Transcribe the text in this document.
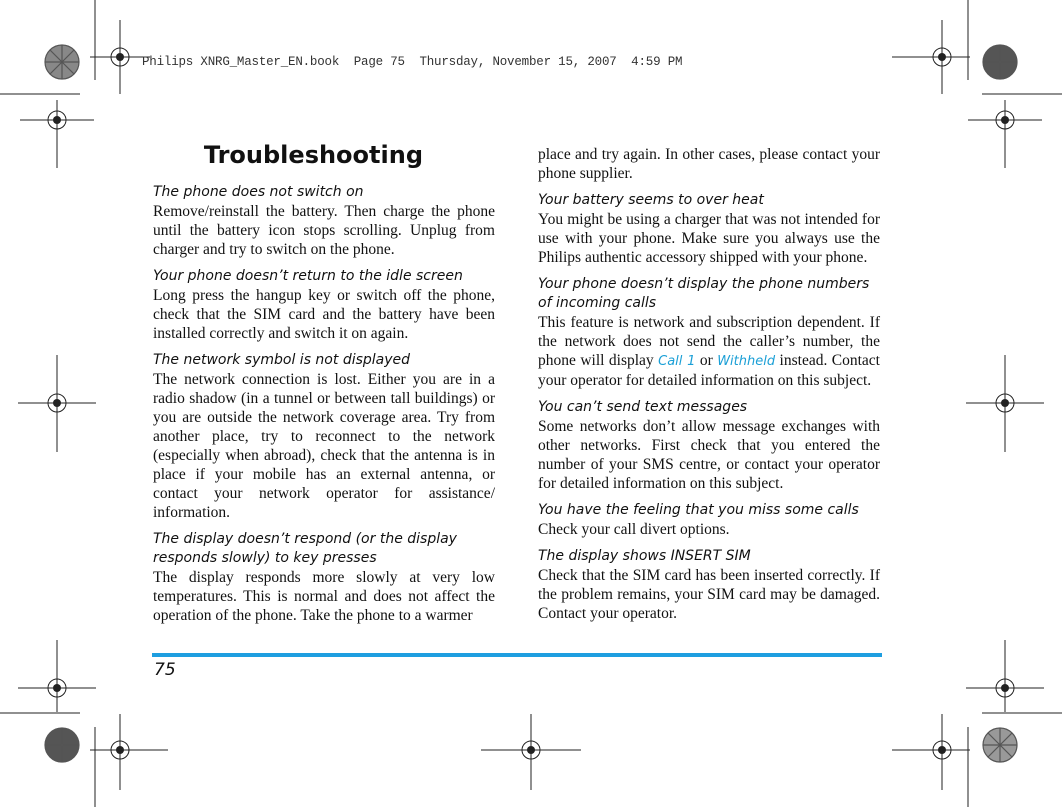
Philips XNRG_Master_EN.book  Page 75  Thursday, November 15, 2007  4:59 PM
Troubleshooting

The phone does not switch on

Remove/reinstall the battery. Then charge the phone until the battery icon stops scrolling. Unplug from charger and try to switch on the phone.

Your phone doesn’t return to the idle screen

Long press the hangup key or switch off the phone, check that the SIM card and the battery have been installed correctly and switch it on again.

The network symbol is not displayed

The network connection is lost. Either you are in a radio shadow (in a tunnel or between tall buildings) or you are outside the network coverage area. Try from another place, try to reconnect to the network (especially when abroad), check that the antenna is in place if your mobile has an external antenna, or contact your network operator for assistance/ information.

The display doesn’t respond (or the display responds slowly) to key presses

The display responds more slowly at very low temperatures. This is normal and does not affect the operation of the phone. Take the phone to a warmer

place and try again. In other cases, please contact your phone supplier.

Your battery seems to over heat

You might be using a charger that was not intended for use with your phone. Make sure you always use the Philips authentic accessory shipped with your phone.

Your phone doesn’t display the phone numbers of incoming calls

This feature is network and subscription dependent. If the network does not send the caller’s number, the phone will display Call 1 or Withheld instead. Contact your operator for detailed information on this subject.

You can’t send text messages

Some networks don’t allow message exchanges with other networks. First check that you entered the number of your SMS centre, or contact your operator for detailed information on this subject.

You have the feeling that you miss some calls

Check your call divert options.

The display shows INSERT SIM

Check that the SIM card has been inserted correctly. If the problem remains, your SIM card may be damaged. Contact your operator.

75
